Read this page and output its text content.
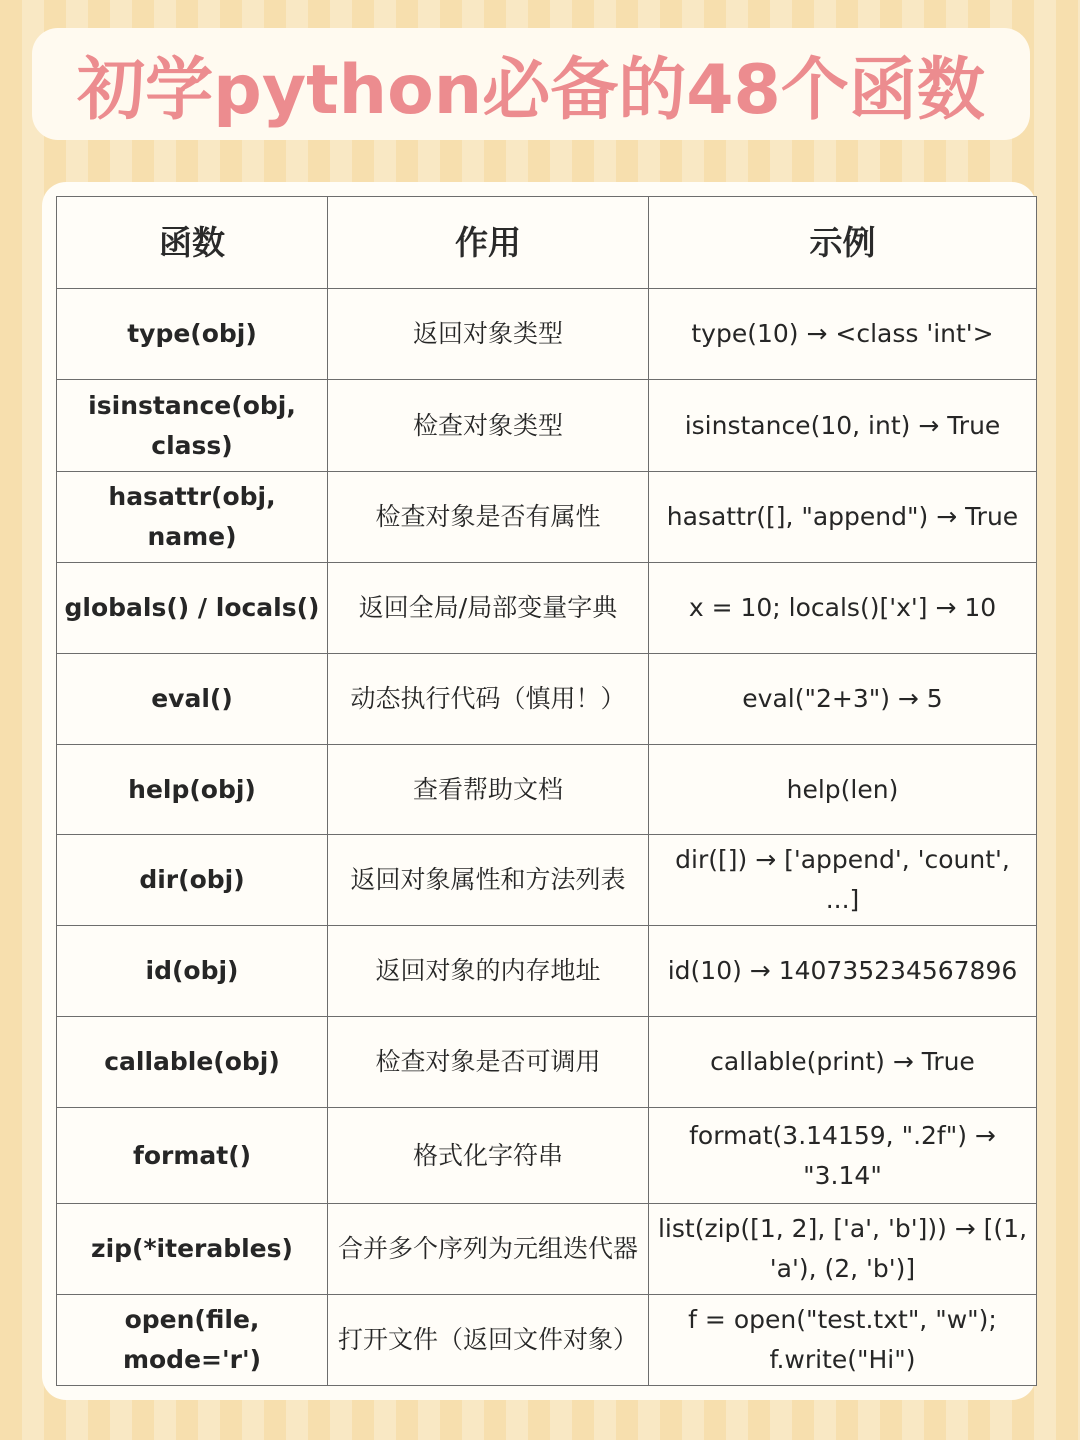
初学python必备的48个函数
函数	作用	示例
type(obj)	返回对象类型	type(10) → <class 'int'>
isinstance(obj, class)	检查对象类型	isinstance(10, int) → True
hasattr(obj, name)	检查对象是否有属性	hasattr([], "append") → True
globals() / locals()	返回全局/局部变量字典	x = 10; locals()['x'] → 10
eval()	动态执行代码（慎用！）	eval("2+3") → 5
help(obj)	查看帮助文档	help(len)
dir(obj)	返回对象属性和方法列表	dir([]) → ['append', 'count', ...]
id(obj)	返回对象的内存地址	id(10) → 140735234567896
callable(obj)	检查对象是否可调用	callable(print) → True
format()	格式化字符串	format(3.14159, ".2f") → "3.14"
zip(*iterables)	合并多个序列为元组迭代器	list(zip([1, 2], ['a', 'b'])) → [(1, 'a'), (2, 'b')]
open(file, mode='r')	打开文件（返回文件对象）	f = open("test.txt", "w"); f.write("Hi")
